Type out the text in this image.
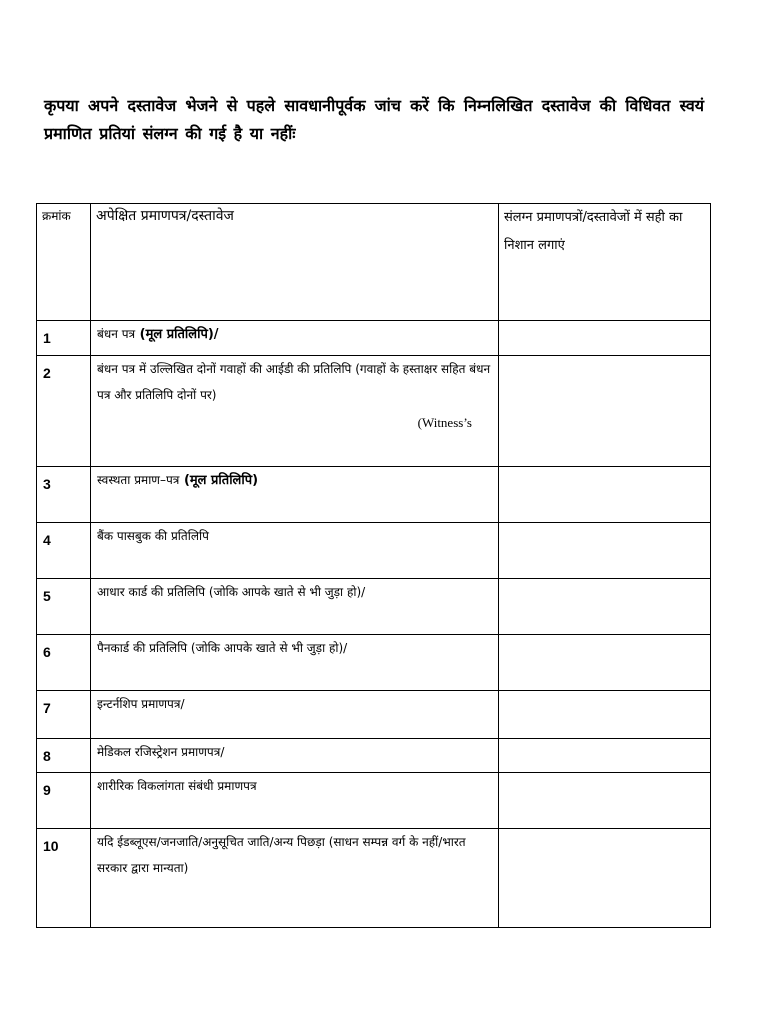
कृपया अपने दस्तावेज भेजने से पहले सावधानीपूर्वक जांच करें कि निम्नलिखित दस्तावेज की विधिवत स्वयं प्रमाणित प्रतियां संलग्न की गई है या नहींः
क्रमांक	अपेक्षित प्रमाणपत्र/दस्तावेज	संलग्न प्रमाणपत्रों/दस्तावेजों में सही का निशान लगाएं
1	बंधन पत्र (मूल प्रतिलिपि)/	
2	बंधन पत्र में उल्लिखित दोनों गवाहों की आईडी की प्रतिलिपि (गवाहों के हस्ताक्षर सहित बंधन पत्र और प्रतिलिपि दोनों पर)
(Witness’s	

3	स्वस्थता प्रमाण–पत्र (मूल प्रतिलिपि)	
4	बैंक पासबुक की प्रतिलिपि	
5	आधार कार्ड की प्रतिलिपि (जोकि आपके खाते से भी जुड़ा हो)/	
6	पैनकार्ड की प्रतिलिपि (जोकि आपके खाते से भी जुड़ा हो)/	
7	इन्टर्नशिप प्रमाणपत्र/	
8	मेडिकल रजिस्ट्रेशन प्रमाणपत्र/	
9	शारीरिक विकलांगता संबंधी प्रमाणपत्र	
10	यदि ईडब्लूएस/जनजाति/अनुसूचित जाति/अन्य पिछड़ा (साधन सम्पन्न वर्ग के नहीं/भारत सरकार द्वारा मान्यता)	
